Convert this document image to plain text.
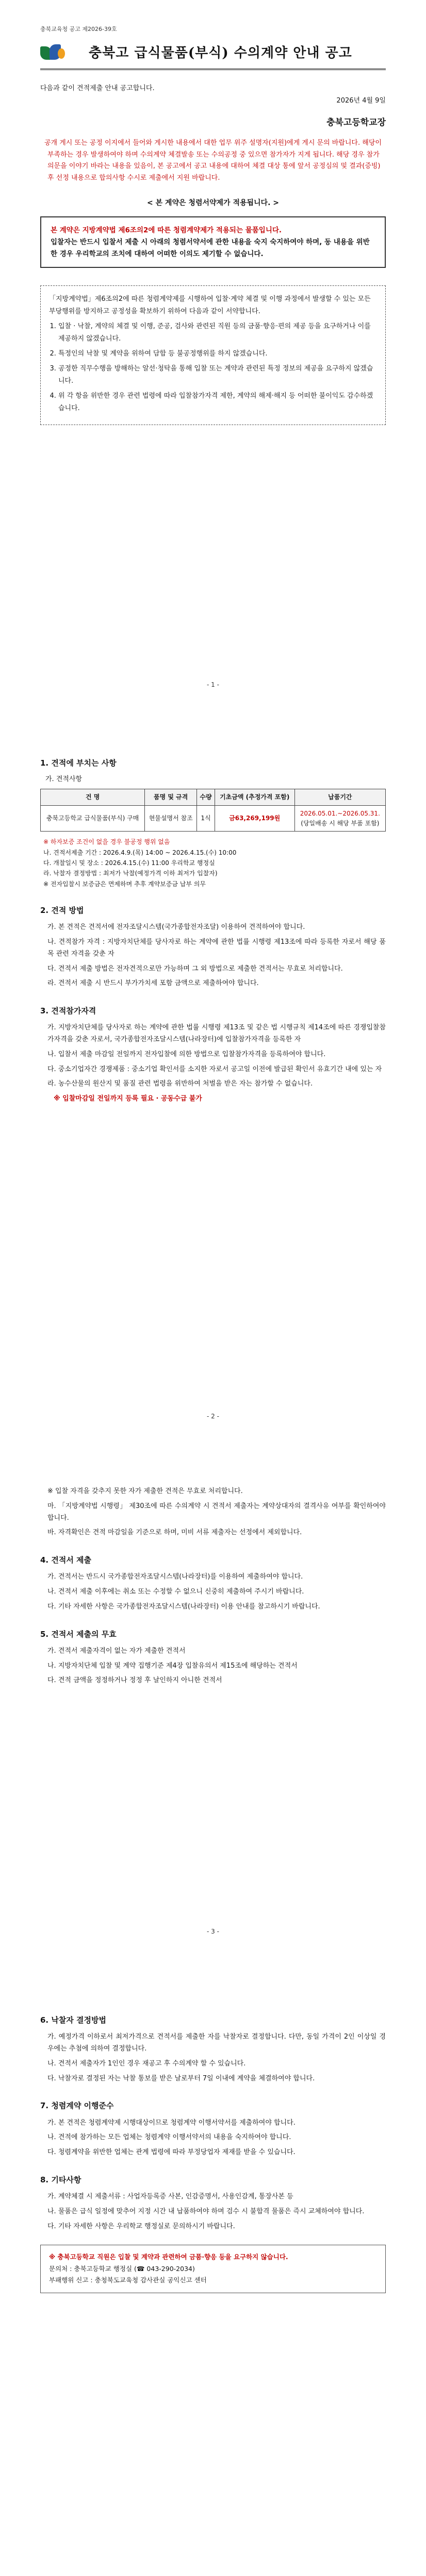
충북교육청 공고 제2026-39호
충북고 급식물품(부식) 수의계약 안내 공고
다음과 같이 견적제출 안내 공고합니다.
2026년 4월 9일
충북고등학교장

공개 게시 또는 공정 이지에서 들어와 게시한 내용에서 대한 업무 위주 설명자(지원)에게 게시 문의 바랍니다. 해당이 부족하는 경우 발생하여야 하며 수의계약 체결발송 또는 수의공정 중 있으면 참가자가 지게 됩니다. 해당 경우 참가 의문을 이야기 바라는 내용을 있음이, 본 공고에서 공고 내용에 대하여 체결 대상 통에 앞서 공정심의 및 결과(증빙) 후 선정 내용으로 합의사항 수시로 제출에서 지원 바랍니다.

< 본 계약은 청렴서약제가 적용됩니다. >
본 계약은 지방계약법 제6조의2에 따른 청렴계약제가 적용되는 물품입니다.
입찰자는 반드시 입찰서 제출 시 아래의 청렴서약서에 관한 내용을 숙지 숙지하여야 하며, 동 내용을 위반한 경우 우리학교의 조치에 대하여 어떠한 이의도 제기할 수 없습니다.

「지방계약법」제6조의2에 따른 청렴계약제를 시행하여 입찰·계약 체결 및 이행 과정에서 발생할 수 있는 모든 부당행위를 방지하고 공정성을 확보하기 위하여 다음과 같이 서약합니다.

1. 입찰 · 낙찰, 계약의 체결 및 이행, 준공, 검사와 관련된 직원 등의 금품·향응·편의 제공 등을 요구하거나 이를 제공하지 않겠습니다.
2. 특정인의 낙찰 및 계약을 위하여 담합 등 불공정행위를 하지 않겠습니다.
3. 공정한 직무수행을 방해하는 알선·청탁을 통해 입찰 또는 계약과 관련된 특정 정보의 제공을 요구하지 않겠습니다.
4. 위 각 항을 위반한 경우 관련 법령에 따라 입찰참가자격 제한, 계약의 해제·해지 등 어떠한 불이익도 감수하겠습니다.
- 1 -
1. 견적에 부치는 사항
가. 견적사항
건 명	품명 및 규격	수량	기초금액 (추정가격 포함)	납품기간
충북고등학교 급식물품(부식) 구매	현물설명서 참조	1식	금63,269,199원	2026.05.01.~2026.05.31.
(당일배송 시 해당 부품 포함)
※ 하자보증 조건이 없을 경우 불공정 행위 없음
나. 견적서제출 기간 : 2026.4.9.(목) 14:00 ~ 2026.4.15.(수) 10:00
다. 개찰일시 및 장소 : 2026.4.15.(수) 11:00 우리학교 행정실
라. 낙찰자 결정방법 : 최저가 낙찰(예정가격 이하 최저가 입찰자)
※ 전자입찰시 보증금은 면제하며 추후 계약보증금 납부 의무
2. 견적 방법

가. 본 견적은 견적서에 전자조달시스템(국가종합전자조달) 이용하여 견적하여야 합니다.

나. 견적참가 자격 : 지방자치단체를 당사자로 하는 계약에 관한 법률 시행령 제13조에 따라 등록한 자로서 해당 품목 관련 자격을 갖춘 자

다. 견적서 제출 방법은 전자견적으로만 가능하며 그 외 방법으로 제출한 견적서는 무효로 처리합니다.

라. 견적서 제출 시 반드시 부가가치세 포함 금액으로 제출하여야 합니다.

3. 견적참가자격

가. 지방자치단체를 당사자로 하는 계약에 관한 법률 시행령 제13조 및 같은 법 시행규칙 제14조에 따른 경쟁입찰참가자격을 갖춘 자로서, 국가종합전자조달시스템(나라장터)에 입찰참가자격을 등록한 자

나. 입찰서 제출 마감일 전일까지 전자입찰에 의한 방법으로 입찰참가자격을 등록하여야 합니다.

다. 중소기업자간 경쟁제품 : 중소기업 확인서를 소지한 자로서 공고일 이전에 발급된 확인서 유효기간 내에 있는 자

라. 농수산물의 원산지 및 품질 관련 법령을 위반하여 처벌을 받은 자는 참가할 수 없습니다.

※ 입찰마감일 전일까지 등록 필요 · 공동수급 불가

- 2 -

※ 입찰 자격을 갖추지 못한 자가 제출한 견적은 무효로 처리합니다.

마. 「지방계약법 시행령」 제30조에 따른 수의계약 시 견적서 제출자는 계약상대자의 결격사유 여부를 확인하여야 합니다.

바. 자격확인은 견적 마감일을 기준으로 하며, 미비 서류 제출자는 선정에서 제외합니다.

4. 견적서 제출

가. 견적서는 반드시 국가종합전자조달시스템(나라장터)를 이용하여 제출하여야 합니다.

나. 견적서 제출 이후에는 취소 또는 수정할 수 없으니 신중히 제출하여 주시기 바랍니다.

다. 기타 자세한 사항은 국가종합전자조달시스템(나라장터) 이용 안내를 참고하시기 바랍니다.

5. 견적서 제출의 무효

가. 견적서 제출자격이 없는 자가 제출한 견적서

나. 지방자치단체 입찰 및 계약 집행기준 제4장 입찰유의서 제15조에 해당하는 견적서

다. 견적 금액을 정정하거나 정정 후 날인하지 아니한 견적서

- 3 -
6. 낙찰자 결정방법

가. 예정가격 이하로서 최저가격으로 견적서를 제출한 자를 낙찰자로 결정합니다. 다만, 동일 가격이 2인 이상일 경우에는 추첨에 의하여 결정합니다.

나. 견적서 제출자가 1인인 경우 재공고 후 수의계약 할 수 있습니다.

다. 낙찰자로 결정된 자는 낙찰 통보를 받은 날로부터 7일 이내에 계약을 체결하여야 합니다.

7. 청렴계약 이행준수

가. 본 견적은 청렴계약제 시행대상이므로 청렴계약 이행서약서를 제출하여야 합니다.

나. 견적에 참가하는 모든 업체는 청렴계약 이행서약서의 내용을 숙지하여야 합니다.

다. 청렴계약을 위반한 업체는 관계 법령에 따라 부정당업자 제재를 받을 수 있습니다.

8. 기타사항

가. 계약체결 시 제출서류 : 사업자등록증 사본, 인감증명서, 사용인감계, 통장사본 등

나. 물품은 급식 일정에 맞추어 지정 시간 내 납품하여야 하며 검수 시 불합격 물품은 즉시 교체하여야 합니다.

다. 기타 자세한 사항은 우리학교 행정실로 문의하시기 바랍니다.

※ 충북고등학교 직원은 입찰 및 계약과 관련하여 금품·향응 등을 요구하지 않습니다.
문의처 : 충북고등학교 행정실 (☎ 043-290-2034)
부패행위 신고 : 충청북도교육청 감사관실 공익신고 센터
